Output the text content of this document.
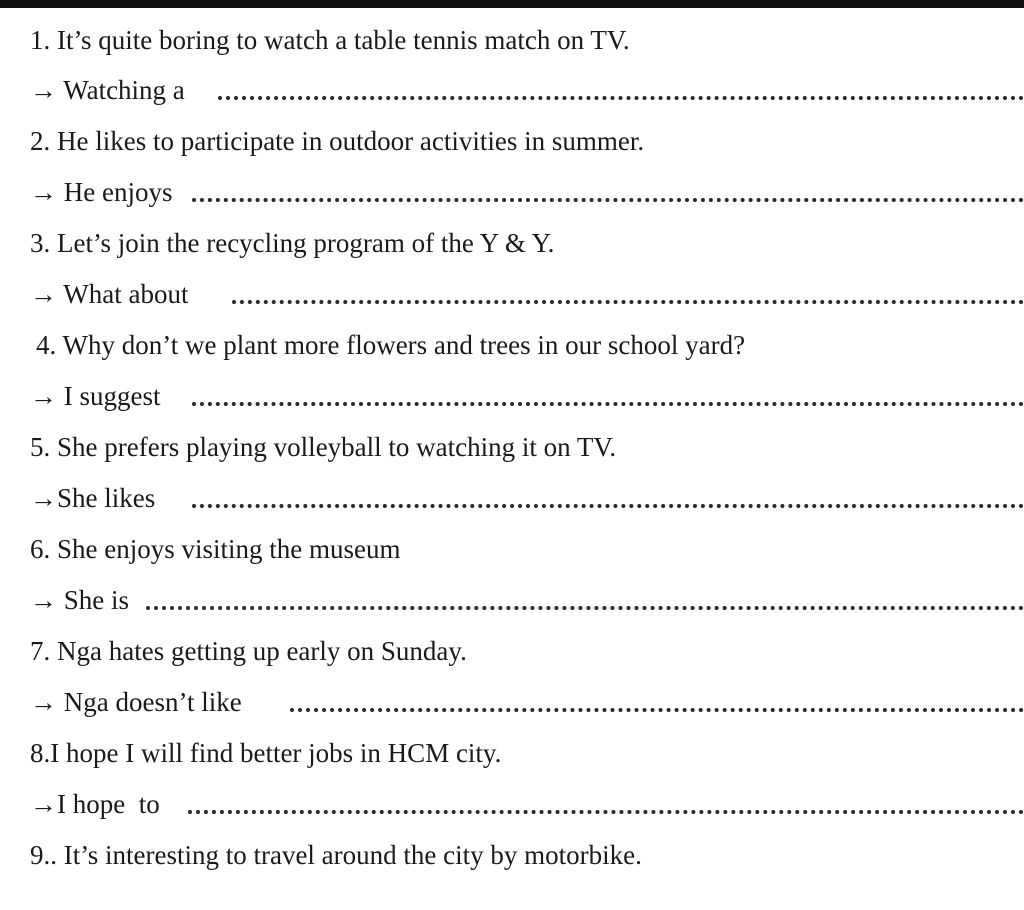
1. It’s quite boring to watch a table tennis match on TV.
→ Watching a
2. He likes to participate in outdoor activities in summer.
→ He enjoys
3. Let’s join the recycling program of the Y & Y.
→ What about
4. Why don’t we plant more flowers and trees in our school yard?
→ I suggest
5. She prefers playing volleyball to watching it on TV.
→She likes
6. She enjoys visiting the museum
→ She is
7. Nga hates getting up early on Sunday.
→ Nga doesn’t like
8.I hope I will find better jobs in HCM city.
→I hope  to
9.. It’s interesting to travel around the city by motorbike.
